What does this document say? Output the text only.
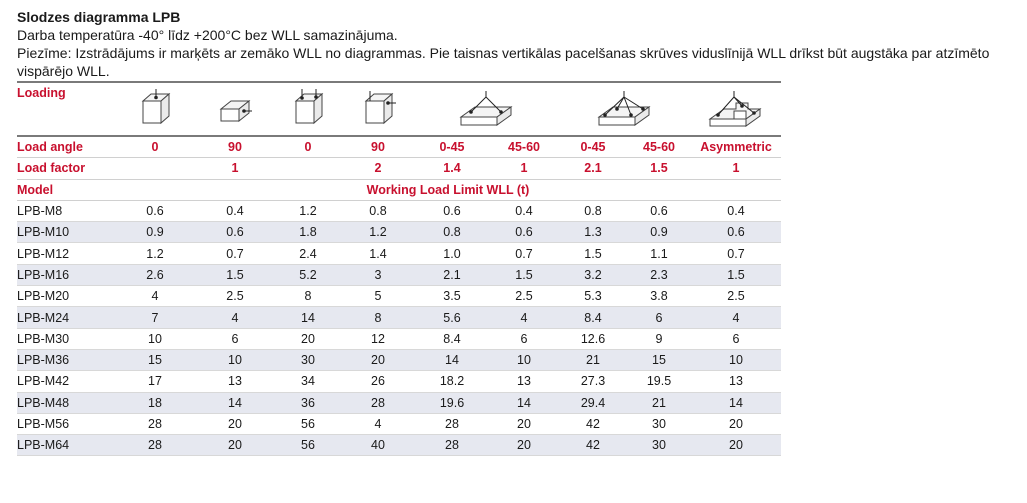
Slodzes diagramma LPB
Darba temperatūra -40° līdz +200°C bez WLL samazinājuma.
Piezīme: Izstrādājums ir marķēts ar zemāko WLL no diagrammas. Pie taisnas vertikālas pacelšanas skrūves viduslīnijā WLL drīkst būt augstāka par atzīmēto vispārējo WLL.
Loading	

Load angle	0	90	0	90	0-45	45-60	0-45	45-60	Asymmetric
Load factor		1		2	1.4	1	2.1	1.5	1
Model	Working Load Limit WLL (t)								
LPB-M8	0.6	0.4	1.2	0.8	0.6	0.4	0.8	0.6	0.4
LPB-M10	0.9	0.6	1.8	1.2	0.8	0.6	1.3	0.9	0.6
LPB-M12	1.2	0.7	2.4	1.4	1.0	0.7	1.5	1.1	0.7
LPB-M16	2.6	1.5	5.2	3	2.1	1.5	3.2	2.3	1.5
LPB-M20	4	2.5	8	5	3.5	2.5	5.3	3.8	2.5
LPB-M24	7	4	14	8	5.6	4	8.4	6	4
LPB-M30	10	6	20	12	8.4	6	12.6	9	6
LPB-M36	15	10	30	20	14	10	21	15	10
LPB-M42	17	13	34	26	18.2	13	27.3	19.5	13
LPB-M48	18	14	36	28	19.6	14	29.4	21	14
LPB-M56	28	20	56	4	28	20	42	30	20
LPB-M64	28	20	56	40	28	20	42	30	20
